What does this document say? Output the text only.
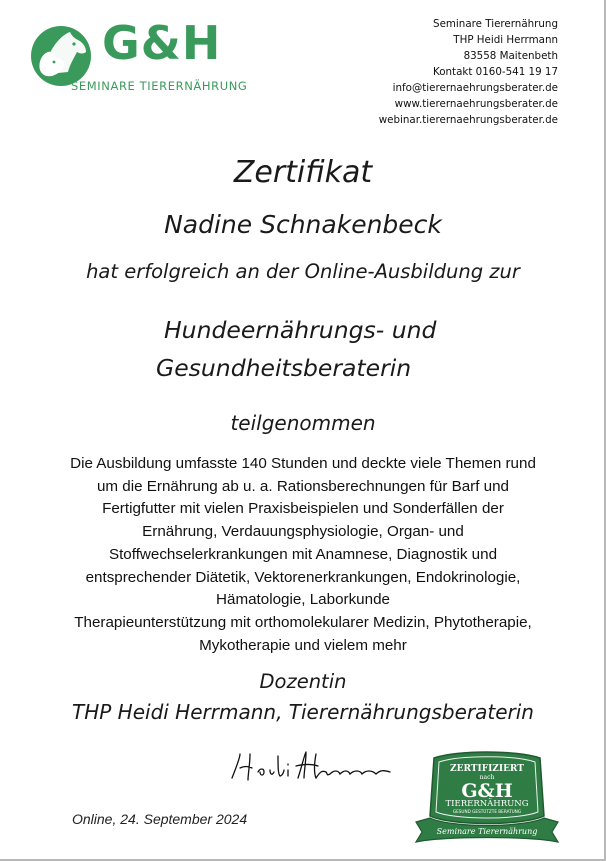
G&H
SEMINARE TIERERNÄHRUNG
Seminare Tierernährung
THP Heidi Herrmann
83558 Maitenbeth
Kontakt 0160-541 19 17
info@tierernaehrungsberater.de
www.tierernaehrungsberater.de
webinar.tierernaehrungsberater.de
Zertifikat
Nadine Schnakenbeck
hat erfolgreich an der Online-Ausbildung zur
Hundeernährungs- und
Gesundheitsberaterin
teilgenommen
Die Ausbildung umfasste 140 Stunden und deckte viele Themen rund
um die Ernährung ab u. a. Rationsberechnungen für Barf und
Fertigfutter mit vielen Praxisbeispielen und Sonderfällen der
Ernährung, Verdauungsphysiologie, Organ- und
Stoffwechselerkrankungen mit Anamnese, Diagnostik und
entsprechender Diätetik, Vektorenerkrankungen, Endokrinologie,
Hämatologie, Laborkunde
Therapieunterstützung mit orthomolekularer Medizin, Phytotherapie,
Mykotherapie und vielem mehr
Dozentin
THP Heidi Herrmann, Tierernährungsberaterin
Online, 24. September 2024
ZERTIFIZIERT
nach
G&H
TIERERNÄHRUNG
GESUND GESTÜTZTE BERATUNG
Seminare Tierernährung
